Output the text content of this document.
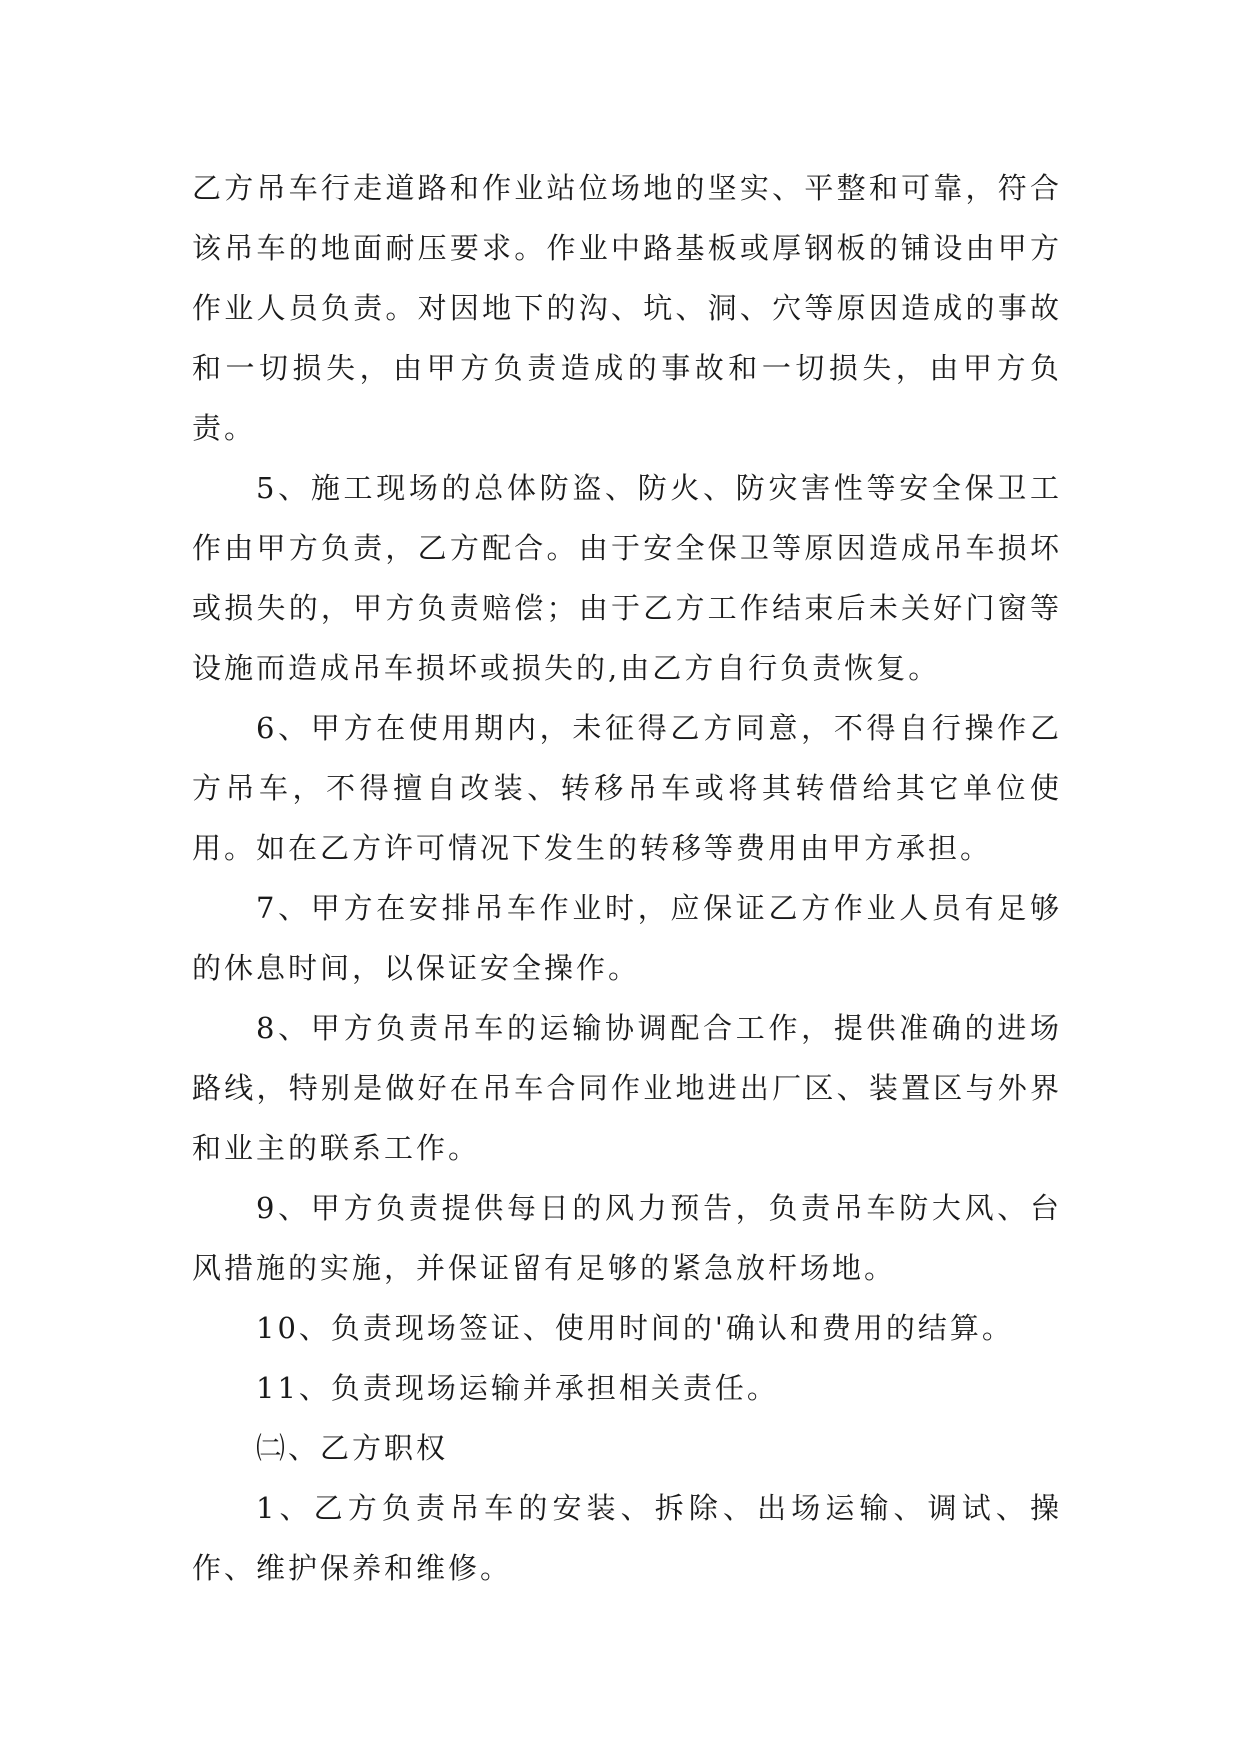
乙方吊车行走道路和作业站位场地的坚实、平整和可靠，符合该吊车的地面耐压要求。作业中路基板或厚钢板的铺设由甲方作业人员负责。对因地下的沟、坑、洞、穴等原因造成的事故和一切损失，由甲方负责造成的事故和一切损失，由甲方负责。

5、施工现场的总体防盗、防火、防灾害性等安全保卫工作由甲方负责，乙方配合。由于安全保卫等原因造成吊车损坏或损失的，甲方负责赔偿；由于乙方工作结束后未关好门窗等设施而造成吊车损坏或损失的,由乙方自行负责恢复。

6、甲方在使用期内，未征得乙方同意，不得自行操作乙方吊车，不得擅自改装、转移吊车或将其转借给其它单位使用。如在乙方许可情况下发生的转移等费用由甲方承担。

7、甲方在安排吊车作业时，应保证乙方作业人员有足够的休息时间，以保证安全操作。

8、甲方负责吊车的运输协调配合工作，提供准确的进场路线，特别是做好在吊车合同作业地进出厂区、装置区与外界和业主的联系工作。

9、甲方负责提供每日的风力预告，负责吊车防大风、台风措施的实施，并保证留有足够的紧急放杆场地。

10、负责现场签证、使用时间的'确认和费用的结算。

11、负责现场运输并承担相关责任。

㈡、乙方职权

1、乙方负责吊车的安装、拆除、出场运输、调试、操作、维护保养和维修。
